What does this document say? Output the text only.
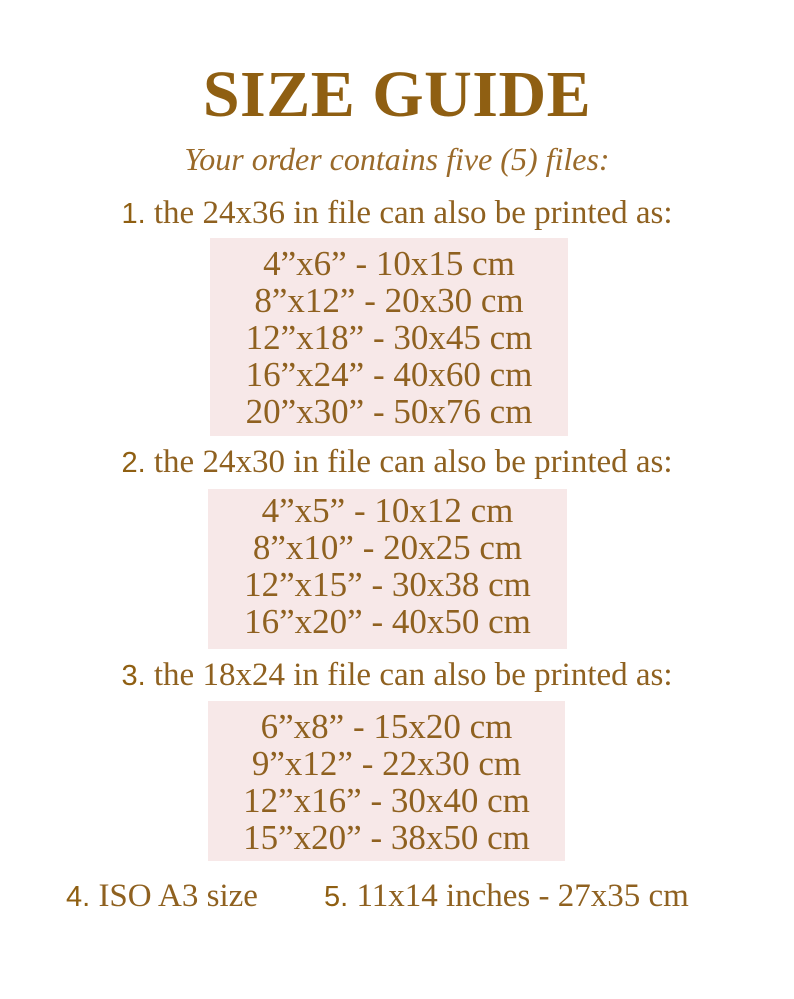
SIZE GUIDE
Your order contains five (5) files:
1. the 24x36 in file can also be printed as:
4”x6” - 10x15 cm
8”x12” - 20x30 cm
12”x18” - 30x45 cm
16”x24” - 40x60 cm
20”x30” - 50x76 cm
2. the 24x30 in file can also be printed as:
4”x5” - 10x12 cm
8”x10” - 20x25 cm
12”x15” - 30x38 cm
16”x20” - 40x50 cm
3. the 18x24 in file can also be printed as:
6”x8” - 15x20 cm
9”x12” - 22x30 cm
12”x16” - 30x40 cm
15”x20” - 38x50 cm
4. ISO A3 size 5. 11x14 inches - 27x35 cm
